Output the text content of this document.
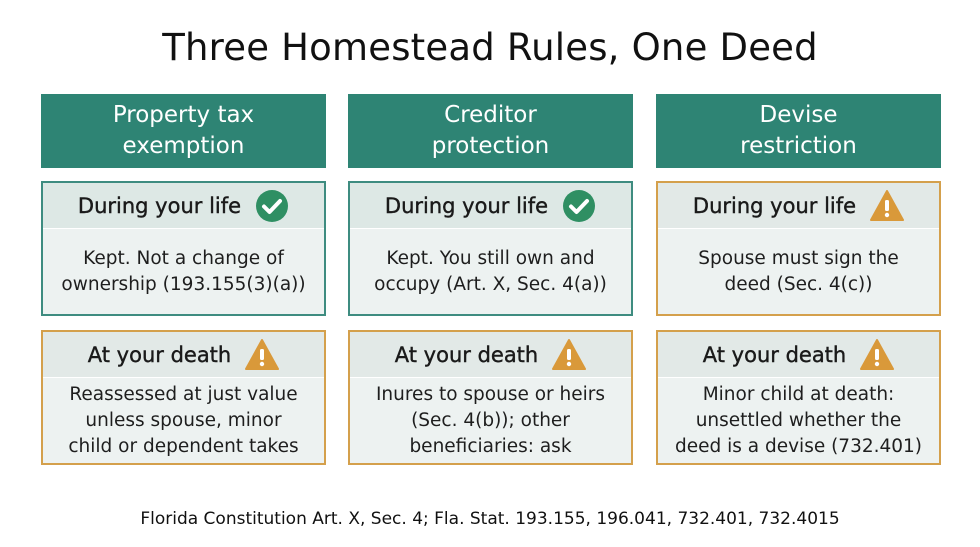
Three Homestead Rules, One Deed
Property tax
exemption
During your life
Kept. Not a change of
ownership (193.155(3)(a))
At your death
Reassessed at just value
unless spouse, minor
child or dependent takes
Creditor
protection
During your life
Kept. You still own and
occupy (Art. X, Sec. 4(a))
At your death
Inures to spouse or heirs
(Sec. 4(b)); other
beneficiaries: ask
Devise
restriction
During your life
Spouse must sign the
deed (Sec. 4(c))
At your death
Minor child at death:
unsettled whether the
deed is a devise (732.401)
Florida Constitution Art. X, Sec. 4; Fla. Stat. 193.155, 196.041, 732.401, 732.4015
